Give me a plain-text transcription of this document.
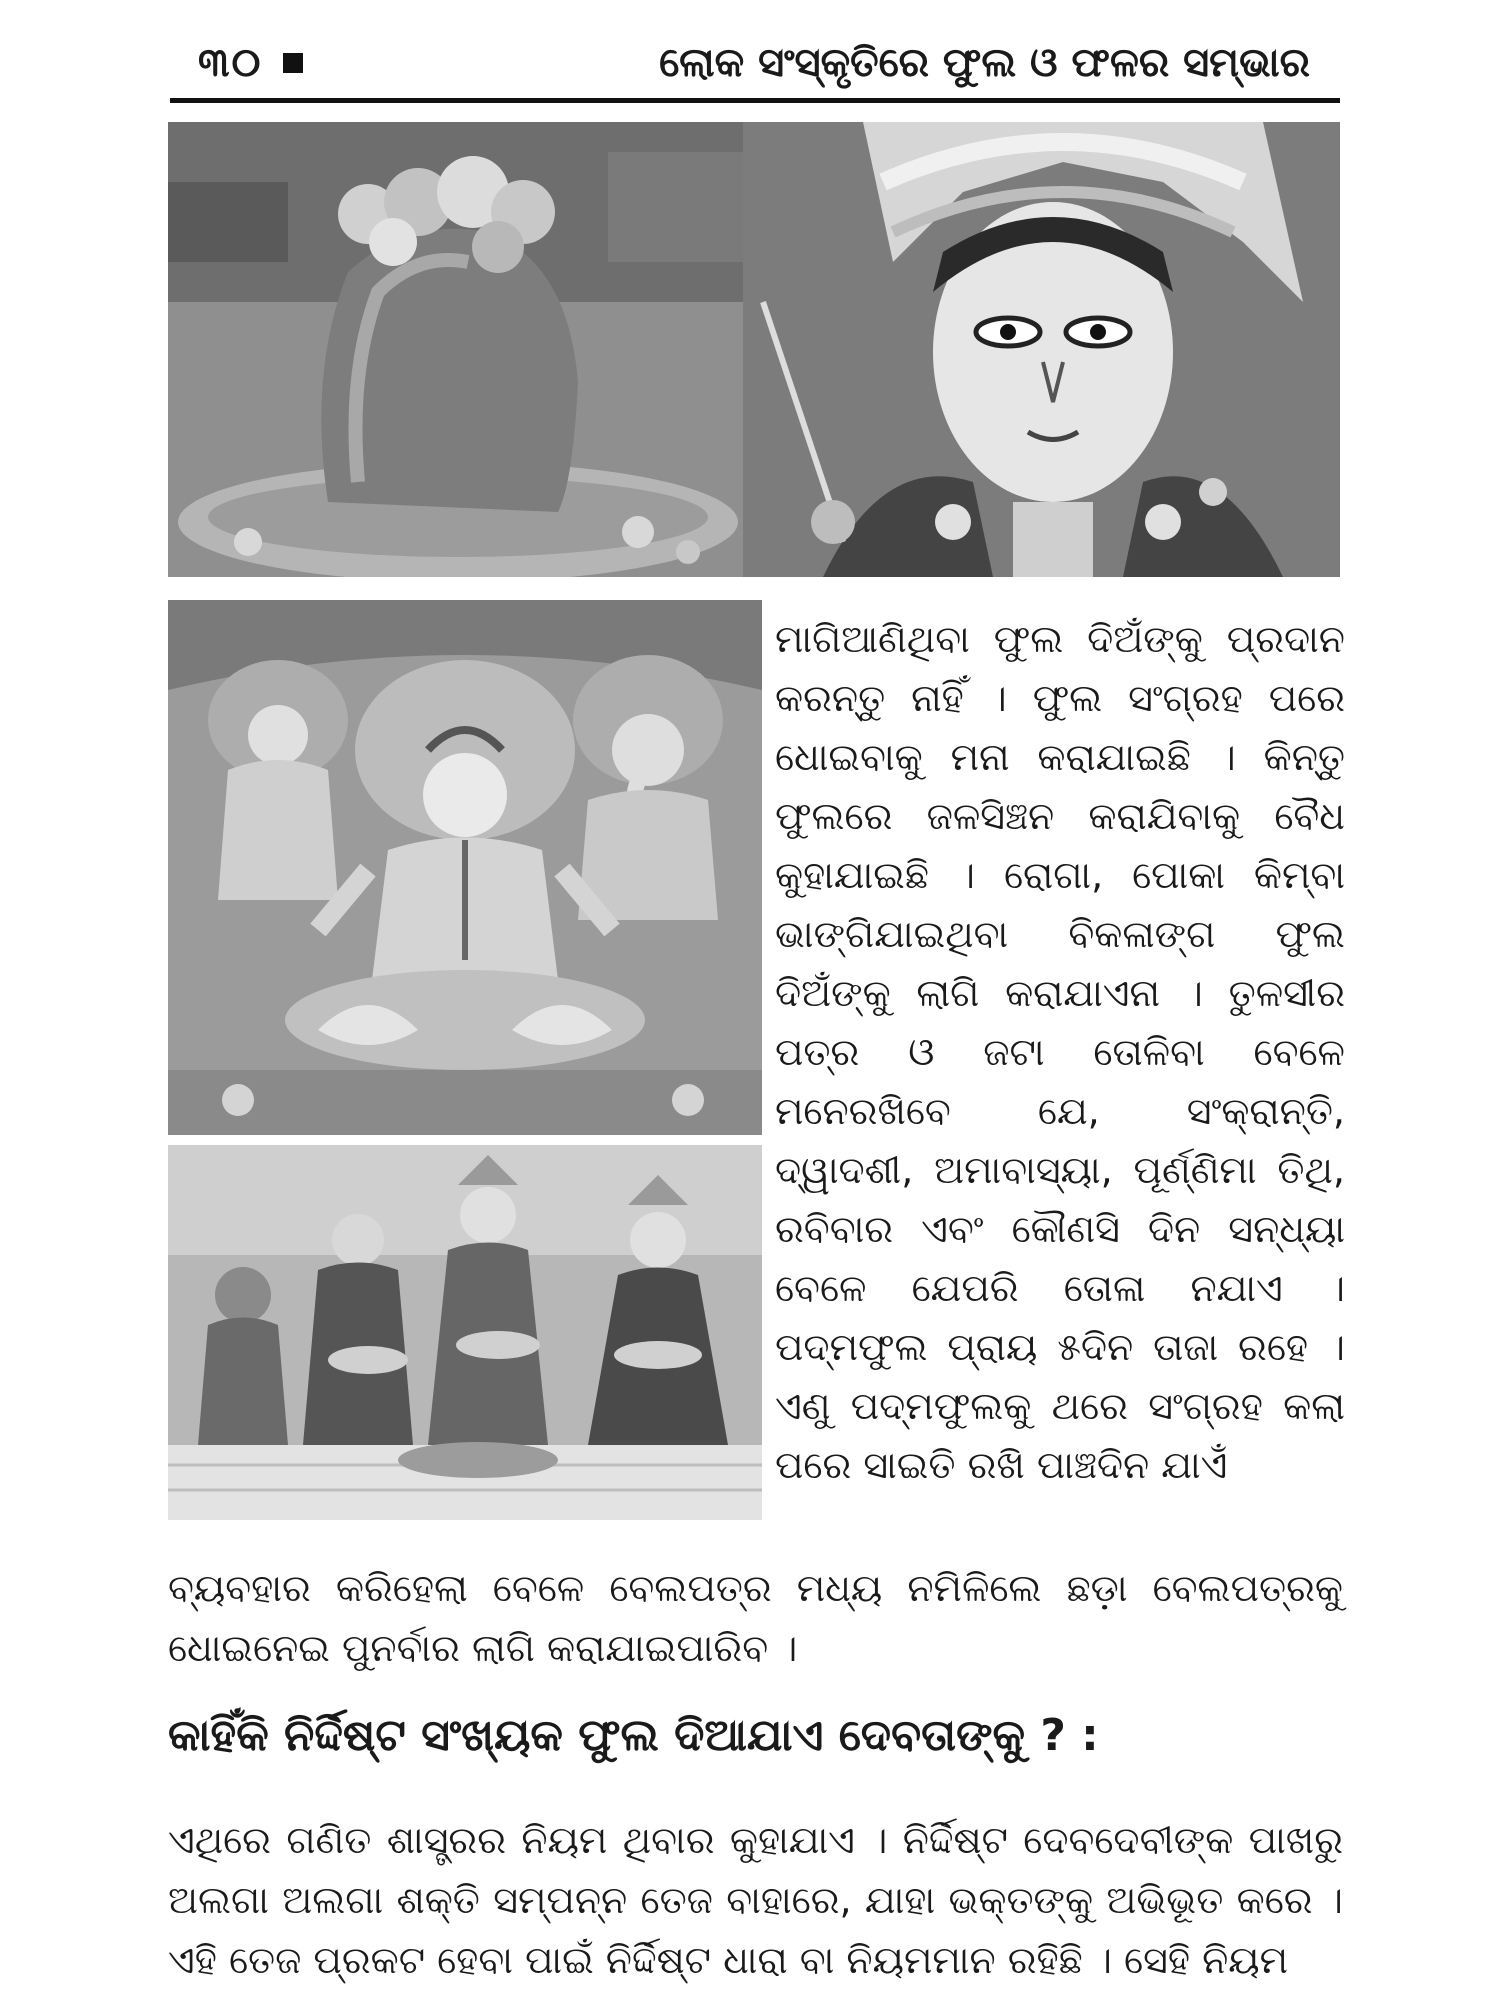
୩୦	ଲୋକ ସଂସ୍କୃତିରେ ଫୁଲ ଓ ଫଳର ସମ୍ଭାର
ମାଗିଆଣିଥିବା ଫୁଲ ଦିଅଁଙ୍କୁ ପ୍ରଦାନ କରନ୍ତୁ ନାହିଁ । ଫୁଲ ସଂଗ୍ରହ ପରେ ଧୋଇବାକୁ ମନା କରାଯାଇଛି । କିନ୍ତୁ ଫୁଲରେ ଜଳସିଞ୍ଚନ କରାଯିବାକୁ ବୈଧ କୁହାଯାଇଛି । ରୋଗା, ପୋକା କିମ୍ବା ଭାଙ୍ଗିଯାଇଥିବା ବିକଳାଙ୍ଗ ଫୁଲ ଦିଅଁଙ୍କୁ ଲାଗି କରାଯାଏନା । ତୁଳସୀର ପତ୍ର ଓ ଜଟା ତୋଳିବା ବେଳେ ମନେରଖିବେ ଯେ, ସଂକ୍ରାନ୍ତି, ଦ୍ୱାଦଶୀ, ଅମାବାସ୍ୟା, ପୂର୍ଣ୍ଣିମା ତିଥି, ରବିବାର ଏବଂ କୌଣସି ଦିନ ସନ୍ଧ୍ୟା ବେଳେ ଯେପରି ତୋଳା ନଯାଏ । ପଦ୍ମଫୁଲ ପ୍ରାୟ ୫ଦିନ ତାଜା ରହେ । ଏଣୁ ପଦ୍ମଫୁଲକୁ ଥରେ ସଂଗ୍ରହ କଲା ପରେ ସାଇତି ରଖି ପାଞ୍ଚଦିନ ଯାଏଁ
ବ୍ୟବହାର କରିହେଲା ବେଳେ ବେଲପତ୍ର ମଧ୍ୟ ନମିଳିଲେ ଛଡ଼ା ବେଲପତ୍ରକୁ ଧୋଇନେଇ ପୁନର୍ବାର ଲାଗି କରାଯାଇପାରିବ ।
କାହିଁକି ନିର୍ଦ୍ଦିଷ୍ଟ ସଂଖ୍ୟକ ଫୁଲ ଦିଆଯାଏ ଦେବତାଙ୍କୁ ? :
ଏଥିରେ ଗଣିତ ଶାସ୍ତ୍ରର ନିୟମ ଥିବାର କୁହାଯାଏ । ନିର୍ଦ୍ଦିଷ୍ଟ ଦେବଦେବୀଙ୍କ ପାଖରୁ ଅଲଗା ଅଲଗା ଶକ୍ତି ସମ୍ପନ୍ନ ତେଜ ବାହାରେ, ଯାହା ଭକ୍ତଙ୍କୁ ଅଭିଭୂତ କରେ । ଏହି ତେଜ ପ୍ରକଟ ହେବା ପାଇଁ ନିର୍ଦ୍ଦିଷ୍ଟ ଧାରା ବା ନିୟମମାନ ରହିଛି । ସେହି ନିୟମ
